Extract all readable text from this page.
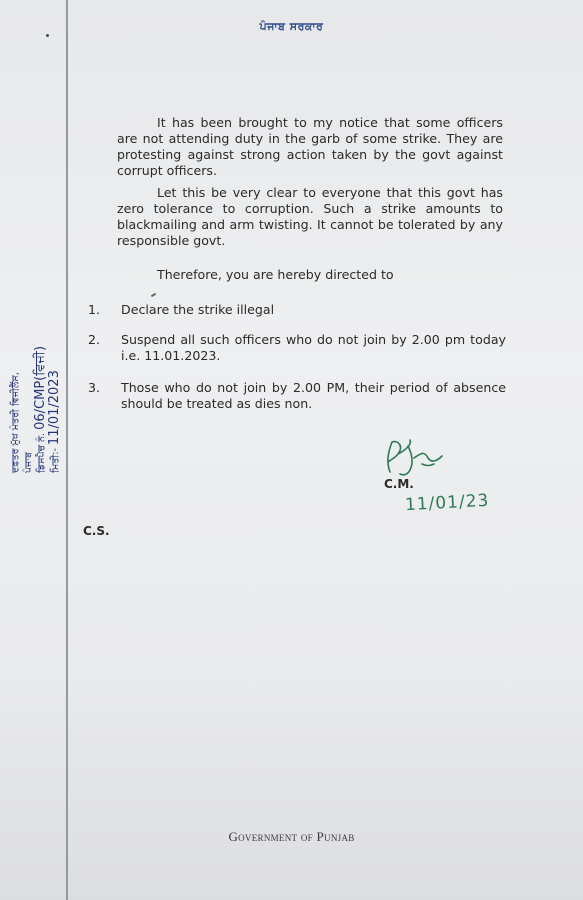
ਪੰਜਾਬ ਸਰਕਾਰ

It has been brought to my notice that some officers are not attending duty in the garb of some strike. They are protesting against strong action taken by the govt against corrupt officers.

Let this be very clear to everyone that this govt has zero tolerance to corruption. Such a strike amounts to blackmailing and arm twisting. It cannot be tolerated by any responsible govt.

Therefore, you are hereby directed to

1. Declare the strike illegal
2. Suspend all such officers who do not join by 2.00 pm today i.e. 11.01.2023.
3. Those who do not join by 2.00 PM, their period of absence should be treated as dies non.
C.M.
11/01/23
C.S.
ਦਫ਼ਤਰ ਮੁੱਖ ਮੰਤਰੀ ਵਿਜੀਲੈਂਸ, ਪੰਜਾਬ ਡਿਸਪੈਚ ਨੰ. 06/CMP(ਵਿਜੀ)
ਮਿਤੀ:- 11/01/2023
Government of Punjab
